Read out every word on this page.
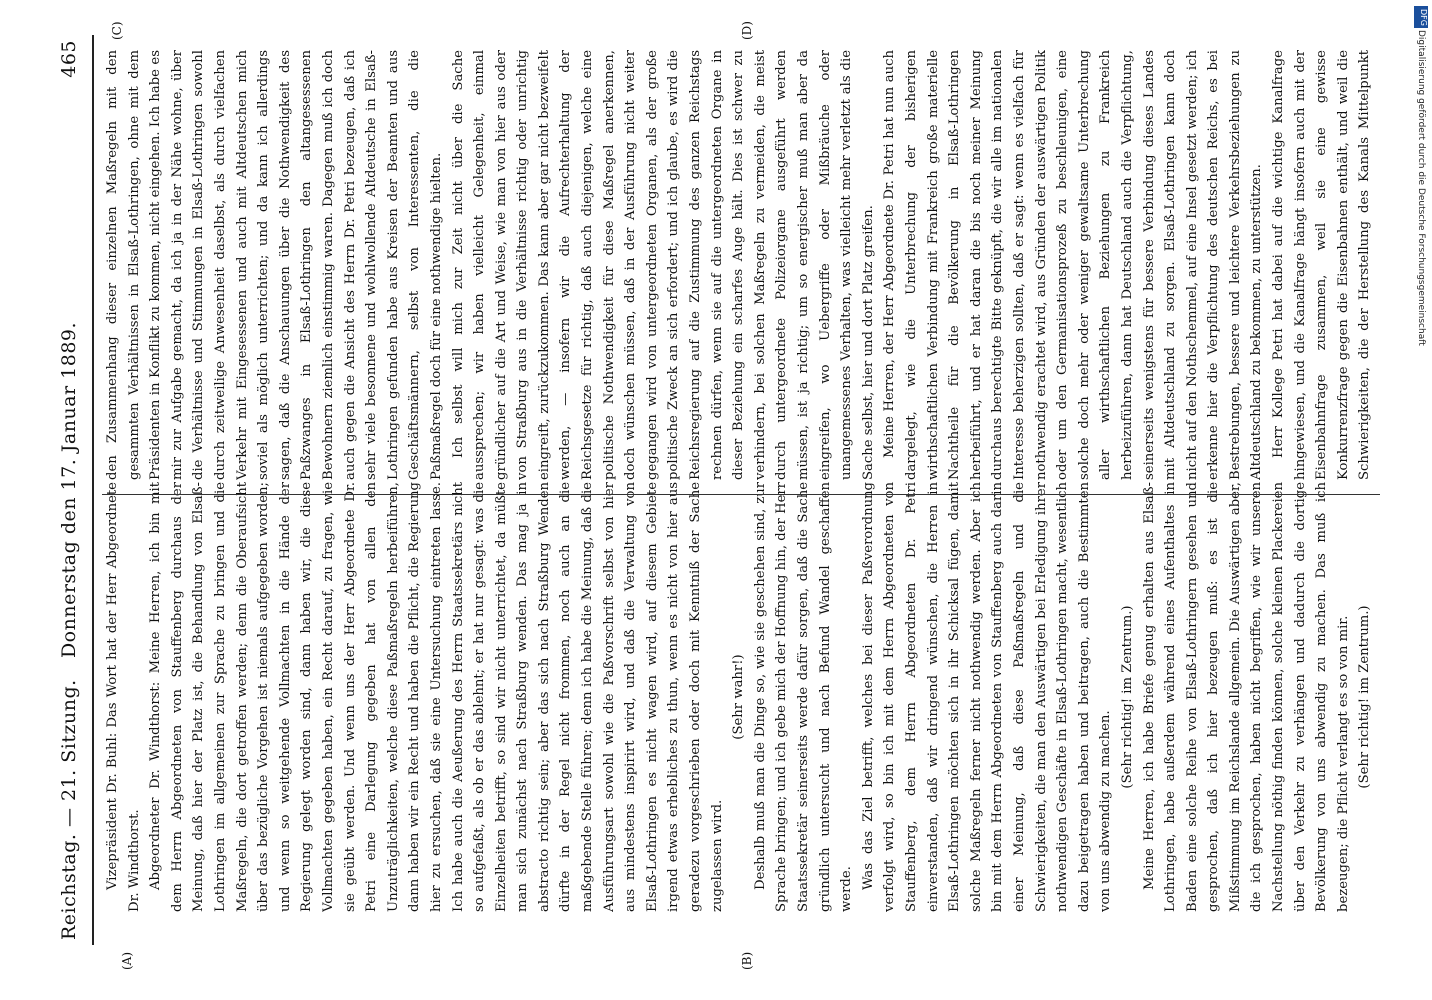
Reichstag. — 21. Sitzung.
Donnerstag den 17. Januar 1889.
465
(A)	(B)
(C)	(D)

Vizepräsident Dr. Buhl: Das Wort hat der Herr Abgeordnete Dr. Windthorst. Abgeordneter Dr. Windthorst: Meine Herren, ich bin mit dem Herrn Abgeordneten von Stauffenberg durchaus der Meinung, daß hier der Platz ist, die Behandlung von Elsaß-Lothringen im allgemeinen zur Sprache zu bringen und die Maßregeln, die dort getroffen werden; denn die Oberaufsicht über das bezügliche Vorgehen ist niemals aufgegeben worden; und wenn so weitgehende Vollmachten in die Hände der Regierung gelegt worden sind, dann haben wir, die diese Vollmachten gegeben haben, ein Recht darauf, zu fragen, wie sie geübt werden. Und wenn uns der Herr Abgeordnete Dr. Petri eine Darlegung gegeben hat von allen den Unzuträglichkeiten, welche diese Paßmaßregeln herbeiführen, dann haben wir ein Recht und haben die Pflicht, die Regierung hier zu ersuchen, daß sie eine Untersuchung eintreten lasse. Ich habe auch die Aeußerung des Herrn Staatssekretärs nicht so aufgefaßt, als ob er das ablehnt; er hat nur gesagt: was die Einzelheiten betrifft, so sind wir nicht unterrichtet, da müßte man sich zunächst nach Straßburg wenden. Das mag ja in abstracto richtig sein; aber das sich nach Straßburg Wenden dürfte in der Regel nicht frommen, noch auch an die maßgebende Stelle führen; denn ich habe die Meinung, daß die Ausführungsart sowohl wie die Paßvorschrift selbst von hier aus mindestens inspirirt wird, und daß die Verwaltung von Elsaß-Lothringen es nicht wagen wird, auf diesem Gebiete irgend etwas erhebliches zu thun, wenn es nicht von hier aus geradezu vorgeschrieben oder doch mit Kenntniß der Sache zugelassen wird.

(Sehr wahr!) Deshalb muß man die Dinge so, wie sie geschehen sind, zur Sprache bringen; und ich gebe mich der Hoffnung hin, der Herr Staatssekretär seinerseits werde dafür sorgen, daß die Sache gründlich untersucht und nach Befund Wandel geschaffen werde. Was das Ziel betrifft, welches bei dieser Paßverordnung verfolgt wird, so bin ich mit dem Herrn Abgeordneten von Stauffenberg, dem Herrn Abgeordneten Dr. Petri einverstanden, daß wir dringend wünschen, die Herren in Elsaß-Lothringen möchten sich in ihr Schicksal fügen, damit solche Maßregeln ferner nicht nothwendig werden. Aber ich bin mit dem Herrn Abgeordneten von Stauffenberg auch darin einer Meinung, daß diese Paßmaßregeln und die Schwierigkeiten, die man den Auswärtigen bei Erledigung ihrer nothwendigen Geschäfte in Elsaß-Lothringen macht, wesentlich dazu beigetragen haben und beitragen, auch die Bestimmten von uns abwendig zu machen.

(Sehr richtig! im Zentrum.) Meine Herren, ich habe Briefe genug erhalten aus Elsaß-Lothringen, habe außerdem während eines Aufenthaltes in Baden eine solche Reihe von Elsaß-Lothringern gesehen und gesprochen, daß ich hier bezeugen muß: es ist die Mißstimmung im Reichslande allgemein. Die Auswärtigen aber, die ich gesprochen, haben nicht begriffen, wie wir unseren Nachstellung nöthig finden können, solche kleinen Plackereien über den Verkehr zu verhängen und dadurch die dortige Bevölkerung von uns abwendig zu machen. Das muß ich bezeugen; die Pflicht verlangt es so von mir. (Sehr richtig! im Zentrum.)

den Zusammenhang dieser einzelnen Maßregeln mit den gesammten Verhältnissen in Elsaß-Lothringen, ohne mit dem Präsidenten in Konflikt zu kommen, nicht eingehen. Ich habe es mir zur Aufgabe gemacht, da ich ja in der Nähe wohne, über die Verhältnisse und Stimmungen in Elsaß-Lothringen sowohl durch zeitweilige Anwesenheit daselbst, als durch vielfachen Verkehr mit Eingesessenen und auch mit Altdeutschen mich soviel als möglich unterrichten; und da kann ich allerdings sagen, daß die Anschauungen über die Nothwendigkeit des Paßzwanges in Elsaß-Lothringen den altangesessenen Bewohnern ziemlich einstimmig waren. Dagegen muß ich doch auch gegen die Ansicht des Herrn Dr. Petri bezeugen, daß ich sehr viele besonnene und wohlwollende Altdeutsche in Elsaß-Lothringen gefunden habe aus Kreisen der Beamten und aus Geschäftsmännern, selbst von Interessenten, die die Paßmaßregel doch für eine nothwendige hielten. Ich selbst will mich zur Zeit nicht über die Sache aussprechen; wir haben vielleicht Gelegenheit, einmal gründlicher auf die Art und Weise, wie man von hier aus oder von Straßburg aus in die Verhältnisse richtig oder unrichtig eingreift, zurückzukommen. Das kann aber gar nicht bezweifelt werden, — insofern wir die Aufrechterhaltung der Reichsgesetze für richtig, daß auch diejenigen, welche eine politische Nothwendigkeit für diese Maßregel anerkennen, doch wünschen müssen, daß in der Ausführung nicht weiter gegangen wird von untergeordneten Organen, als der große politische Zweck an sich erfordert; und ich glaube, es wird die Reichsregierung auf die Zustimmung des ganzen Reichstags rechnen dürfen, wenn sie auf die untergeordneten Organe in dieser Beziehung ein scharfes Auge hält. Dies ist schwer zu verhindern, bei solchen Maßregeln zu vermeiden, die meist durch untergeordnete Polizeiorgane ausgeführt werden müssen, ist ja richtig; um so energischer muß man aber da eingreifen, wo Uebergriffe oder Mißbräuche oder unangemessenes Verhalten, was vielleicht mehr verletzt als die Sache selbst, hier und dort Platz greifen. Meine Herren, der Herr Abgeordnete Dr. Petri hat nun auch dargelegt, wie die Unterbrechung der bisherigen wirthschaftlichen Verbindung mit Frankreich große materielle Nachtheile für die Bevölkerung in Elsaß-Lothringen herbeiführt, und er hat daran die bis noch meiner Meinung durchaus berechtigte Bitte geknüpft, die wir alle im nationalen Interesse beherzigen sollten, daß er sagt: wenn es vielfach für nothwendig erachtet wird, aus Gründen der auswärtigen Politik oder um den Germanisationsprozeß zu beschleunigen, eine solche doch mehr oder weniger gewaltsame Unterbrechung aller wirthschaftlichen Beziehungen zu Frankreich herbeizuführen, dann hat Deutschland auch die Verpflichtung, seinerseits wenigstens für bessere Verbindung dieses Landes mit Altdeutschland zu sorgen. Elsaß-Lothringen kann doch nicht auf den Nothschemmel, auf eine Insel gesetzt werden; ich erkenne hier die Verpflichtung des deutschen Reichs, es bei Bestrebungen, bessere und leichtere Verkehrsbeziehungen zu Altdeutschland zu bekommen, zu unterstützen. Herr Kollege Petri hat dabei auf die wichtige Kanalfrage hingewiesen, und die Kanalfrage hängt insofern auch mit der Eisenbahnfrage zusammen, weil sie eine gewisse Konkurrenzfrage gegen die Eisenbahnen enthält, und weil die Schwierigkeiten, die der Herstellung des Kanals Mittelpunkt

DFG
Digitalisierung gefördert durch die Deutsche Forschungsgemeinschaft
